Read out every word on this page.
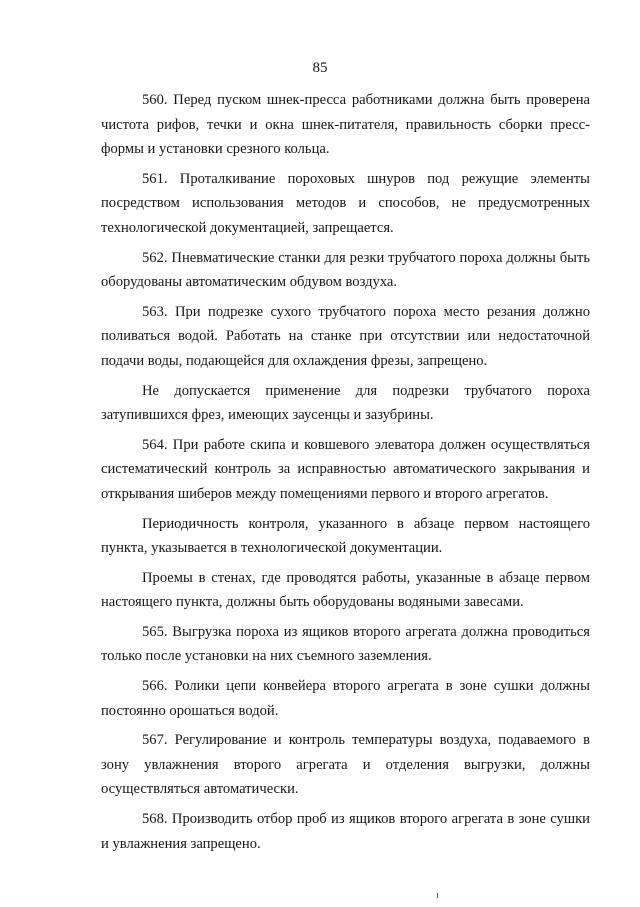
85

560. Перед пуском шнек-пресса работниками должна быть проверена чистота рифов, течки и окна шнек-питателя, правильность сборки пресс-формы и установки срезного кольца.

561. Проталкивание пороховых шнуров под режущие элементы посредством использования методов и способов, не предусмотренных технологической документацией, запрещается.

562. Пневматические станки для резки трубчатого пороха должны быть оборудованы автоматическим обдувом воздуха.

563. При подрезке сухого трубчатого пороха место резания должно поливаться водой. Работать на станке при отсутствии или недостаточной подачи воды, подающейся для охлаждения фрезы, запрещено.

Не допускается применение для подрезки трубчатого пороха затупившихся фрез, имеющих заусенцы и зазубрины.

564. При работе скипа и ковшевого элеватора должен осуществляться систематический контроль за исправностью автоматического закрывания и открывания шиберов между помещениями первого и второго агрегатов.

Периодичность контроля, указанного в абзаце первом настоящего пункта, указывается в технологической документации.

Проемы в стенах, где проводятся работы, указанные в абзаце первом настоящего пункта, должны быть оборудованы водяными завесами.

565. Выгрузка пороха из ящиков второго агрегата должна проводиться только после установки на них съемного заземления.

566. Ролики цепи конвейера второго агрегата в зоне сушки должны постоянно орошаться водой.

567. Регулирование и контроль температуры воздуха, подаваемого в зону увлажнения второго агрегата и отделения выгрузки, должны осуществляться автоматически.

568. Производить отбор проб из ящиков второго агрегата в зоне сушки и увлажнения запрещено.
